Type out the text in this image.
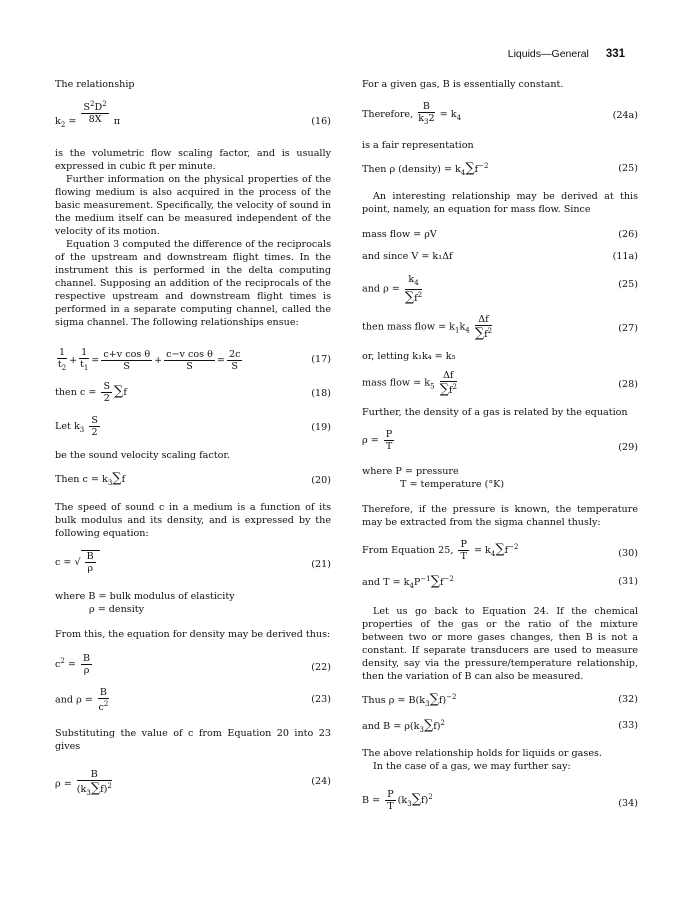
Liquids—General 331
The relationship
$k_2 = \frac{S^2D^2}{8X}$ π	(16)
is the volumetric flow scaling factor, and is usually expressed in cubic ft per minute.
Further information on the physical properties of the flowing medium is also acquired in the process of the basic measurement. Specifically, the velocity of sound in the medium itself can be measured independent of the velocity of its motion.
Equation 3 computed the difference of the reciprocals of the upstream and downstream flight times. In the instrument this is performed in the delta computing channel. Supposing an addition of the reciprocals of the respective upstream and downstream flight times is performed in a separate computing channel, called the sigma channel. The following relationships ensue:
$\frac{1}{t_2} + \frac{1}{t_1} = \frac{\text{c+v cos θ}}{S} + \frac{\text{c−v cos θ}}{S} = \frac{2c}{S}$	(17)
then $c = \frac{S}{2} \sum f$	(18)
Let $k_3 \frac{S}{2}$	(19)
be the sound velocity scaling factor.
Then $c = k_3\sum f$	(20)
The speed of sound c in a medium is a function of its bulk modulus and its density, and is expressed by the following equation:
c = √ $\frac{B}{\rho}$	(21)
where B = bulk modulus of elasticity
ρ = density
From this, the equation for density may be derived thus:
$c^2 = \frac{B}{\rho}$	(22)
and $\rho = \frac{B}{c^2}$	(23)
Substituting the value of c from Equation 20 into 23 gives
$\rho = \frac{B}{(k_3\sum f)^2}$	(24)
For a given gas, B is essentially constant.
Therefore, $\frac{B}{k_32} = k_4$	(24a)
is a fair representation
Then ρ (density) = $k_4\sum f^{-2}$	(25)
An interesting relationship may be derived at this point, namely, an equation for mass flow. Since
mass flow = ρV	(26)
and since V = k₁Δf	(11a)
and $\rho = \frac{k_4}{\sum f^2}$	(25)
then mass flow = $k_1k_4 \frac{\Delta f}{\sum f^2}$	(27)
or, letting k₁k₄ = k₅
mass flow = $k_5 \frac{\Delta f}{\sum f^2}$	(28)
Further, the density of a gas is related by the equation
$\rho = \frac{P}{T}$	(29)
where P = pressure
T = temperature (°K)
Therefore, if the pressure is known, the temperature may be extracted from the sigma channel thusly:
From Equation 25, $\frac{P}{T} = k_4\sum f^{-2}$
(30)
and $T = k_4P^{-1}\sum f^{-2}$	(31)
Let us go back to Equation 24. If the chemical properties of the gas or the ratio of the mixture between two or more gases changes, then B is not a constant. If separate transducers are used to measure density, say via the pressure/temperature relationship, then the variation of B can also be measured.
Thus $\rho = B(k_3\sum f)^{-2}$	(32)
and $B = \rho(k_3\sum f)^2$	(33)
The above relationship holds for liquids or gases.
In the case of a gas, we may further say:
$B = \frac{P}{T} (k_3\sum f)^2$
(34)
